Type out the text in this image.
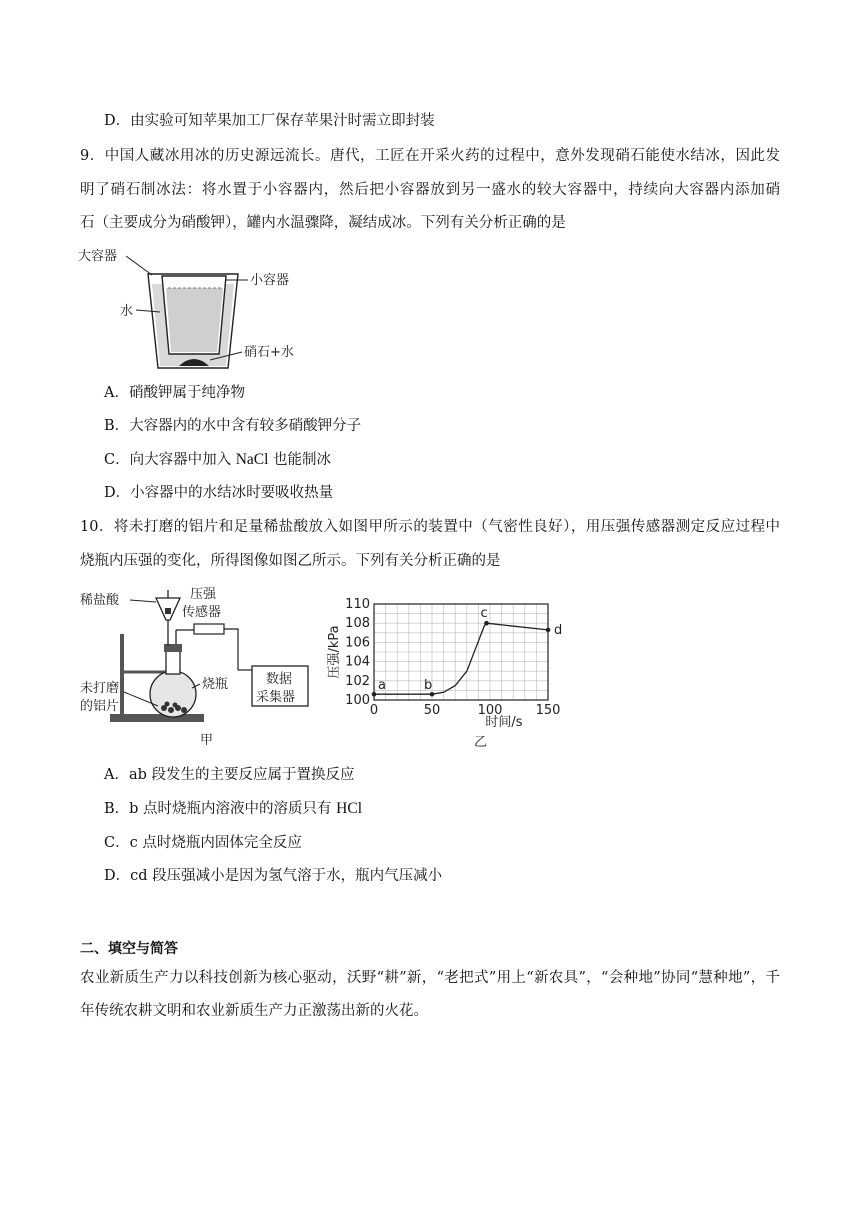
D．由实验可知苹果加工厂保存苹果汁时需立即封装
9．中国人藏冰用冰的历史源远流长。唐代，工匠在开采火药的过程中，意外发现硝石能使水结冰，因此发
明了硝石制冰法：将水置于小容器内，然后把小容器放到另一盛水的较大容器中，持续向大容器内添加硝
石（主要成分为硝酸钾），罐内水温骤降，凝结成冰。下列有关分析正确的是
大容器
小容器
水
硝石+水
A．硝酸钾属于纯净物
B．大容器内的水中含有较多硝酸钾分子
C．向大容器中加入 NaCl 也能制冰
D．小容器中的水结冰时要吸收热量
10．将未打磨的铝片和足量稀盐酸放入如图甲所示的装置中（气密性良好），用压强传感器测定反应过程中
烧瓶内压强的变化，所得图像如图乙所示。下列有关分析正确的是
稀盐酸	压强
传感器
烧瓶	数据
采集器
未打磨
的铝片
甲
100
102
104
106
108
110
0	50	100	150
a	b
c
d
压强/kPa
时间/s
乙
A．ab 段发生的主要反应属于置换反应
B．b 点时烧瓶内溶液中的溶质只有 HCl
C．c 点时烧瓶内固体完全反应
D．cd 段压强减小是因为氢气溶于水，瓶内气压减小
二、填空与简答
农业新质生产力以科技创新为核心驱动，沃野“耕”新，“老把式”用上“新农具”，“会种地”协同“慧种地”，千
年传统农耕文明和农业新质生产力正激荡出新的火花。
